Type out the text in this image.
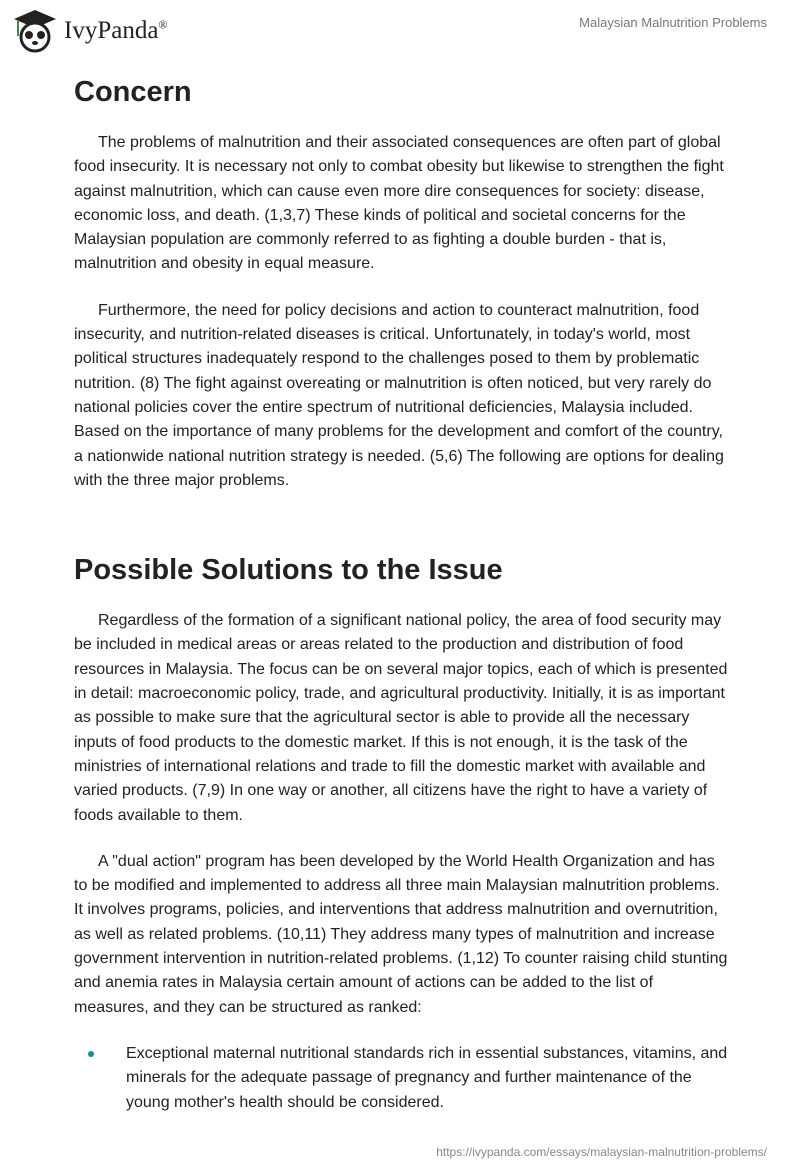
IvyPanda®	Malaysian Malnutrition Problems
Concern

The problems of malnutrition and their associated consequences are often part of global food insecurity. It is necessary not only to combat obesity but likewise to strengthen the fight against malnutrition, which can cause even more dire consequences for society: disease, economic loss, and death. (1,3,7) These kinds of political and societal concerns for the Malaysian population are commonly referred to as fighting a double burden - that is, malnutrition and obesity in equal measure.

Furthermore, the need for policy decisions and action to counteract malnutrition, food insecurity, and nutrition-related diseases is critical. Unfortunately, in today's world, most political structures inadequately respond to the challenges posed to them by problematic nutrition. (8) The fight against overeating or malnutrition is often noticed, but very rarely do national policies cover the entire spectrum of nutritional deficiencies, Malaysia included. Based on the importance of many problems for the development and comfort of the country, a nationwide national nutrition strategy is needed. (5,6) The following are options for dealing with the three major problems.

Possible Solutions to the Issue

Regardless of the formation of a significant national policy, the area of food security may be included in medical areas or areas related to the production and distribution of food resources in Malaysia. The focus can be on several major topics, each of which is presented in detail: macroeconomic policy, trade, and agricultural productivity. Initially, it is as important as possible to make sure that the agricultural sector is able to provide all the necessary inputs of food products to the domestic market. If this is not enough, it is the task of the ministries of international relations and trade to fill the domestic market with available and varied products. (7,9) In one way or another, all citizens have the right to have a variety of foods available to them.

A "dual action" program has been developed by the World Health Organization and has to be modified and implemented to address all three main Malaysian malnutrition problems. It involves programs, policies, and interventions that address malnutrition and overnutrition, as well as related problems. (10,11) They address many types of malnutrition and increase government intervention in nutrition-related problems. (1,12) To counter raising child stunting and anemia rates in Malaysia certain amount of actions can be added to the list of measures, and they can be structured as ranked:

Exceptional maternal nutritional standards rich in essential substances, vitamins, and minerals for the adequate passage of pregnancy and further maintenance of the young mother's health should be considered.
https://ivypanda.com/essays/malaysian-malnutrition-problems/
